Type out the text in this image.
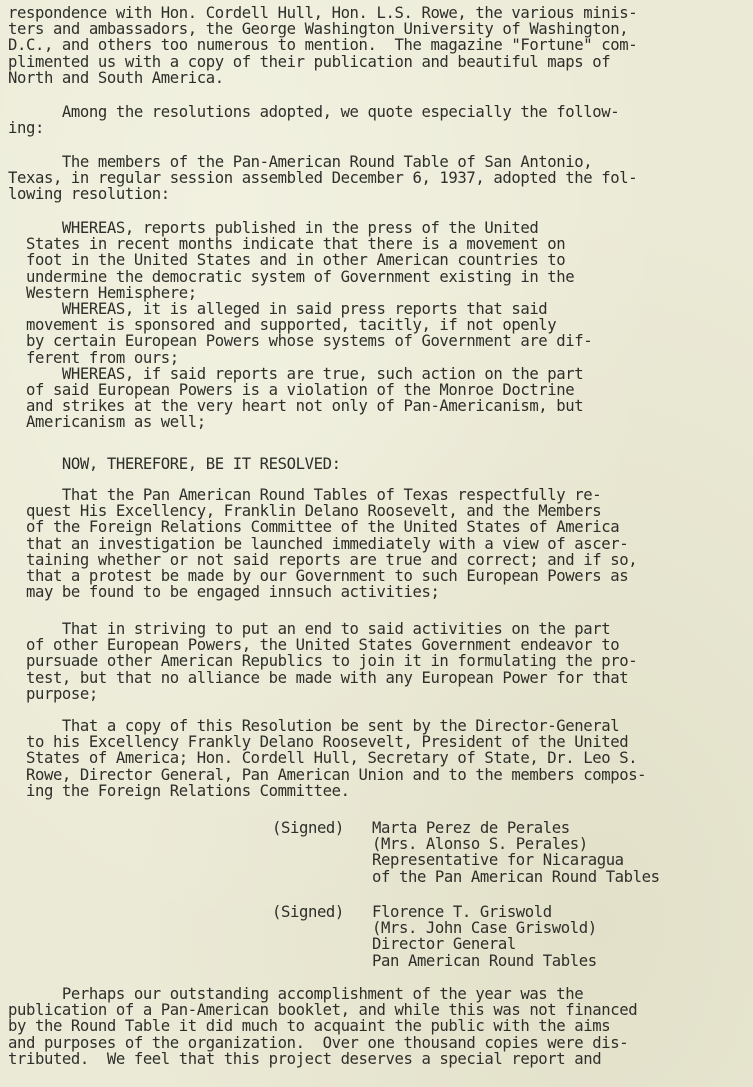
respondence with Hon. Cordell Hull, Hon. L.S. Rowe, the various minis-
ters and ambassadors, the George Washington University of Washington,
D.C., and others too numerous to mention.  The magazine "Fortune" com-
plimented us with a copy of their publication and beautiful maps of
North and South America.

Among the resolutions adopted, we quote especially the follow-
ing:

The members of the Pan-American Round Table of San Antonio,
Texas, in regular session assembled December 6, 1937, adopted the fol-
lowing resolution:

WHEREAS, reports published in the press of the United
States in recent months indicate that there is a movement on
foot in the United States and in other American countries to
undermine the democratic system of Government existing in the
Western Hemisphere;
WHEREAS, it is alleged in said press reports that said
movement is sponsored and supported, tacitly, if not openly
by certain European Powers whose systems of Government are dif-
ferent from ours;
WHEREAS, if said reports are true, such action on the part
of said European Powers is a violation of the Monroe Doctrine
and strikes at the very heart not only of Pan-Americanism, but
Americanism as well;

NOW, THEREFORE, BE IT RESOLVED:

That the Pan American Round Tables of Texas respectfully re-
quest His Excellency, Franklin Delano Roosevelt, and the Members
of the Foreign Relations Committee of the United States of America
that an investigation be launched immediately with a view of ascer-
taining whether or not said reports are true and correct; and if so,
that a protest be made by our Government to such European Powers as
may be found to be engaged innsuch activities;

That in striving to put an end to said activities on the part
of other European Powers, the United States Government endeavor to
pursuade other American Republics to join it in formulating the pro-
test, but that no alliance be made with any European Power for that
purpose;

That a copy of this Resolution be sent by the Director-General
to his Excellency Frankly Delano Roosevelt, President of the United
States of America; Hon. Cordell Hull, Secretary of State, Dr. Leo S.
Rowe, Director General, Pan American Union and to the members compos-
ing the Foreign Relations Committee.

(Signed) Marta Perez de Perales
(Mrs. Alonso S. Perales)
Representative for Nicaragua
of the Pan American Round Tables
(Signed) Florence T. Griswold
(Mrs. John Case Griswold)
Director General
Pan American Round Tables

Perhaps our outstanding accomplishment of the year was the
publication of a Pan-American booklet, and while this was not financed
by the Round Table it did much to acquaint the public with the aims
and purposes of the organization.  Over one thousand copies were dis-
tributed.  We feel that this project deserves a special report and
